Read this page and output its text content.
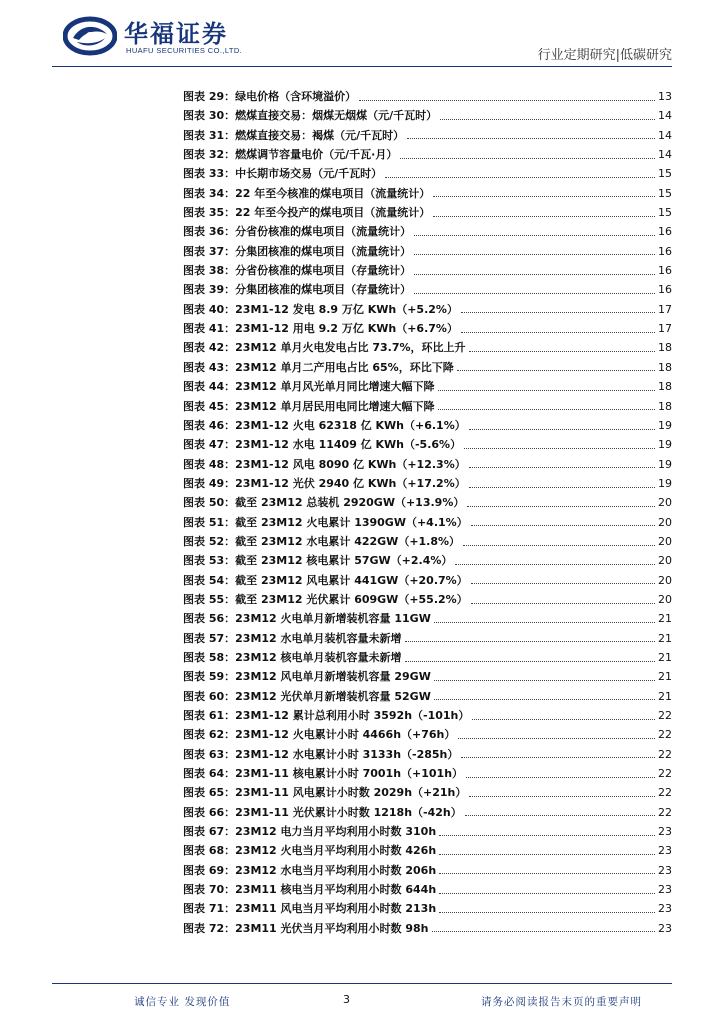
华福证券
HUAFU SECURITIES CO.,LTD.	行业定期研究|低碳研究
图表 29： 绿电价格（含环境溢价）	13
图表 30： 燃煤直接交易：烟煤无烟煤（元/千瓦时）	14
图表 31： 燃煤直接交易：褐煤（元/千瓦时）	14
图表 32： 燃煤调节容量电价（元/千瓦·月）	14
图表 33： 中长期市场交易（元/千瓦时）	15
图表 34： 22 年至今核准的煤电项目（流量统计）	15
图表 35： 22 年至今投产的煤电项目（流量统计）	15
图表 36： 分省份核准的煤电项目（流量统计）	16
图表 37： 分集团核准的煤电项目（流量统计）	16
图表 38： 分省份核准的煤电项目（存量统计）	16
图表 39： 分集团核准的煤电项目（存量统计）	16
图表 40： 23M1-12 发电 8.9 万亿 KWh（+5.2%）	17
图表 41： 23M1-12 用电 9.2 万亿 KWh（+6.7%）	17
图表 42： 23M12 单月火电发电占比 73.7%，环比上升	18
图表 43： 23M12 单月二产用电占比 65%，环比下降	18
图表 44： 23M12 单月风光单月同比增速大幅下降	18
图表 45： 23M12 单月居民用电同比增速大幅下降	18
图表 46： 23M1-12 火电 62318 亿 KWh（+6.1%）	19
图表 47： 23M1-12 水电 11409 亿 KWh（-5.6%）	19
图表 48： 23M1-12 风电 8090 亿 KWh（+12.3%）	19
图表 49： 23M1-12 光伏 2940 亿 KWh（+17.2%）	19
图表 50： 截至 23M12 总装机 2920GW（+13.9%）	20
图表 51： 截至 23M12 火电累计 1390GW（+4.1%）	20
图表 52： 截至 23M12 水电累计 422GW（+1.8%）	20
图表 53： 截至 23M12 核电累计 57GW（+2.4%）	20
图表 54： 截至 23M12 风电累计 441GW（+20.7%）	20
图表 55： 截至 23M12 光伏累计 609GW（+55.2%）	20
图表 56： 23M12 火电单月新增装机容量 11GW	21
图表 57： 23M12 水电单月装机容量未新增	21
图表 58： 23M12 核电单月装机容量未新增	21
图表 59： 23M12 风电单月新增装机容量 29GW	21
图表 60： 23M12 光伏单月新增装机容量 52GW	21
图表 61： 23M1-12 累计总利用小时 3592h（-101h）	22
图表 62： 23M1-12 火电累计小时 4466h（+76h）	22
图表 63： 23M1-12 水电累计小时 3133h（-285h）	22
图表 64： 23M1-11 核电累计小时 7001h（+101h）	22
图表 65： 23M1-11 风电累计小时数 2029h（+21h）	22
图表 66： 23M1-11 光伏累计小时数 1218h（-42h）	22
图表 67： 23M12 电力当月平均利用小时数 310h	23
图表 68： 23M12 火电当月平均利用小时数 426h	23
图表 69： 23M12 水电当月平均利用小时数 206h	23
图表 70： 23M11 核电当月平均利用小时数 644h	23
图表 71： 23M11 风电当月平均利用小时数 213h	23
图表 72： 23M11 光伏当月平均利用小时数 98h	23
诚信专业 发现价值	3	请务必阅读报告末页的重要声明
